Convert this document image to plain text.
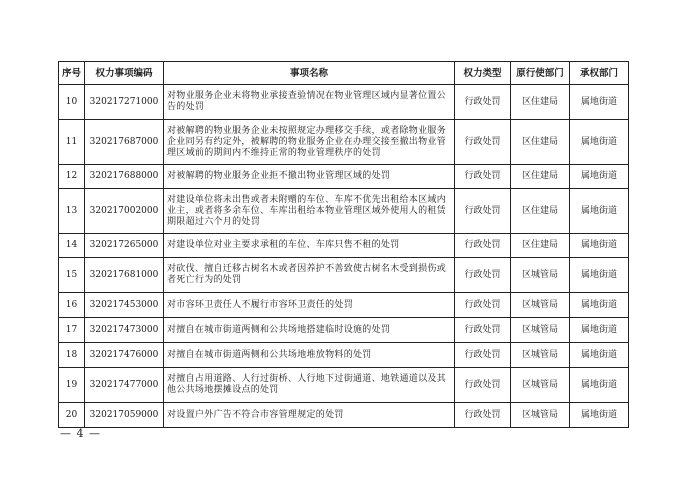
序号	权力事项编码	事项名称	权力类型	原行使部门	承权部门
10	320217271000	对物业服务企业未将物业承接查验情况在物业管理区域内显著位置公告的处罚	行政处罚	区住建局	属地街道
11	320217687000	对被解聘的物业服务企业未按照规定办理移交手续，或者除物业服务企业同另有约定外，被解聘的物业服务企业在办理交接至撤出物业管理区域前的期间内不维持正常的物业管理秩序的处罚	行政处罚	区住建局	属地街道
12	320217688000	对被解聘的物业服务企业拒不撤出物业管理区域的处罚	行政处罚	区住建局	属地街道
13	320217002000	对建设单位将未出售或者未附赠的车位、车库不优先出租给本区域内业主，或者将多余车位、车库出租给本物业管理区域外使用人的租赁期限超过六个月的处罚	行政处罚	区住建局	属地街道
14	320217265000	对建设单位对业主要求承租的车位、车库只售不租的处罚	行政处罚	区住建局	属地街道
15	320217681000	对砍伐、擅自迁移古树名木或者因养护不善致使古树名木受到损伤或者死亡行为的处罚	行政处罚	区城管局	属地街道
16	320217453000	对市容环卫责任人不履行市容环卫责任的处罚	行政处罚	区城管局	属地街道
17	320217473000	对擅自在城市街道两侧和公共场地搭建临时设施的处罚	行政处罚	区城管局	属地街道
18	320217476000	对擅自在城市街道两侧和公共场地堆放物料的处罚	行政处罚	区城管局	属地街道
19	320217477000	对擅自占用道路、人行过街桥、人行地下过街通道、地铁通道以及其他公共场地摆摊设点的处罚	行政处罚	区城管局	属地街道
20	320217059000	对设置户外广告不符合市容管理规定的处罚	行政处罚	区城管局	属地街道
— 4 —
